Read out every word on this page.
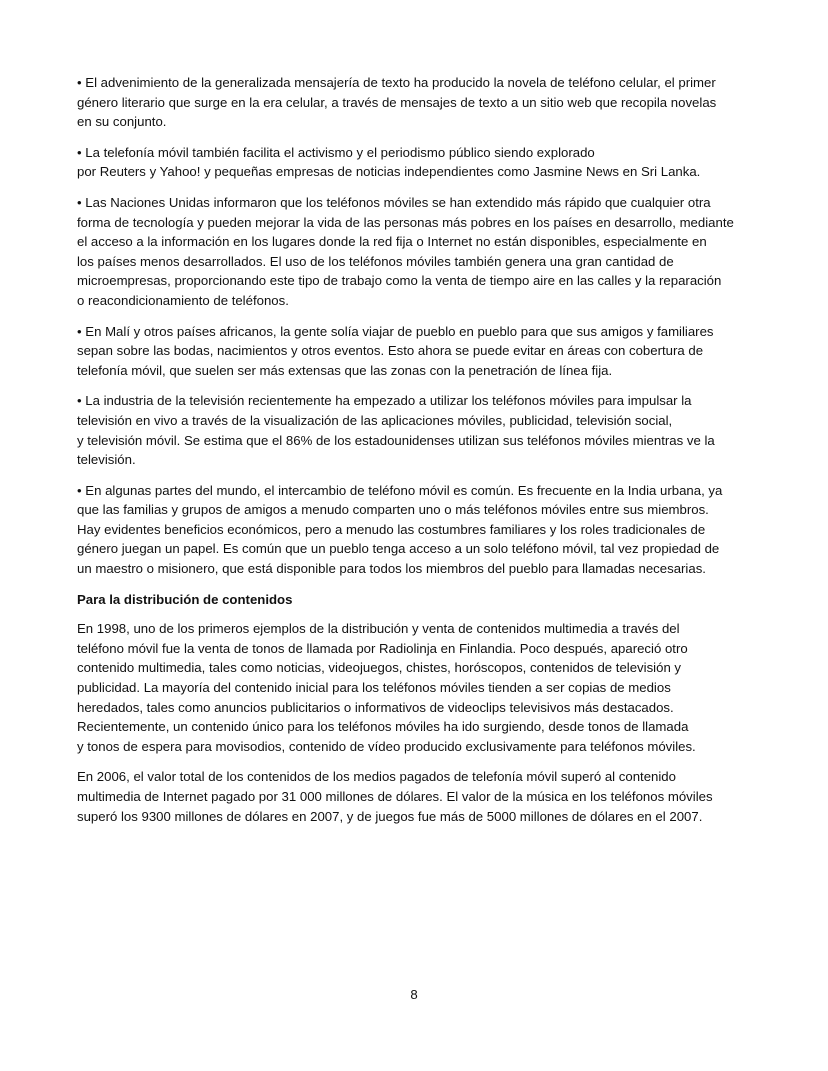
• El advenimiento de la generalizada mensajería de texto ha producido la novela de teléfono celular, el primer
género literario que surge en la era celular, a través de mensajes de texto a un sitio web que recopila novelas
en su conjunto.

• La telefonía móvil también facilita el activismo y el periodismo público siendo explorado
por Reuters y Yahoo! y pequeñas empresas de noticias independientes como Jasmine News en Sri Lanka.

• Las Naciones Unidas informaron que los teléfonos móviles se han extendido más rápido que cualquier otra
forma de tecnología y pueden mejorar la vida de las personas más pobres en los países en desarrollo, mediante
el acceso a la información en los lugares donde la red fija o Internet no están disponibles, especialmente en
los países menos desarrollados. El uso de los teléfonos móviles también genera una gran cantidad de
microempresas, proporcionando este tipo de trabajo como la venta de tiempo aire en las calles y la reparación
o reacondicionamiento de teléfonos.

• En Malí y otros países africanos, la gente solía viajar de pueblo en pueblo para que sus amigos y familiares
sepan sobre las bodas, nacimientos y otros eventos. Esto ahora se puede evitar en áreas con cobertura de
telefonía móvil, que suelen ser más extensas que las zonas con la penetración de línea fija.

• La industria de la televisión recientemente ha empezado a utilizar los teléfonos móviles para impulsar la
televisión en vivo a través de la visualización de las aplicaciones móviles, publicidad, televisión social,
y televisión móvil. Se estima que el 86% de los estadounidenses utilizan sus teléfonos móviles mientras ve la
televisión.

• En algunas partes del mundo, el intercambio de teléfono móvil es común. Es frecuente en la India urbana, ya
que las familias y grupos de amigos a menudo comparten uno o más teléfonos móviles entre sus miembros.
Hay evidentes beneficios económicos, pero a menudo las costumbres familiares y los roles tradicionales de
género juegan un papel. Es común que un pueblo tenga acceso a un solo teléfono móvil, tal vez propiedad de
un maestro o misionero, que está disponible para todos los miembros del pueblo para llamadas necesarias.

Para la distribución de contenidos

En 1998, uno de los primeros ejemplos de la distribución y venta de contenidos multimedia a través del
teléfono móvil fue la venta de tonos de llamada por Radiolinja en Finlandia. Poco después, apareció otro
contenido multimedia, tales como noticias, videojuegos, chistes, horóscopos, contenidos de televisión y
publicidad. La mayoría del contenido inicial para los teléfonos móviles tienden a ser copias de medios
heredados, tales como anuncios publicitarios o informativos de videoclips televisivos más destacados.
Recientemente, un contenido único para los teléfonos móviles ha ido surgiendo, desde tonos de llamada
y tonos de espera para movisodios, contenido de vídeo producido exclusivamente para teléfonos móviles.

En 2006, el valor total de los contenidos de los medios pagados de telefonía móvil superó al contenido
multimedia de Internet pagado por 31 000 millones de dólares. El valor de la música en los teléfonos móviles
superó los 9300 millones de dólares en 2007, y de juegos fue más de 5000 millones de dólares en el 2007.

8
